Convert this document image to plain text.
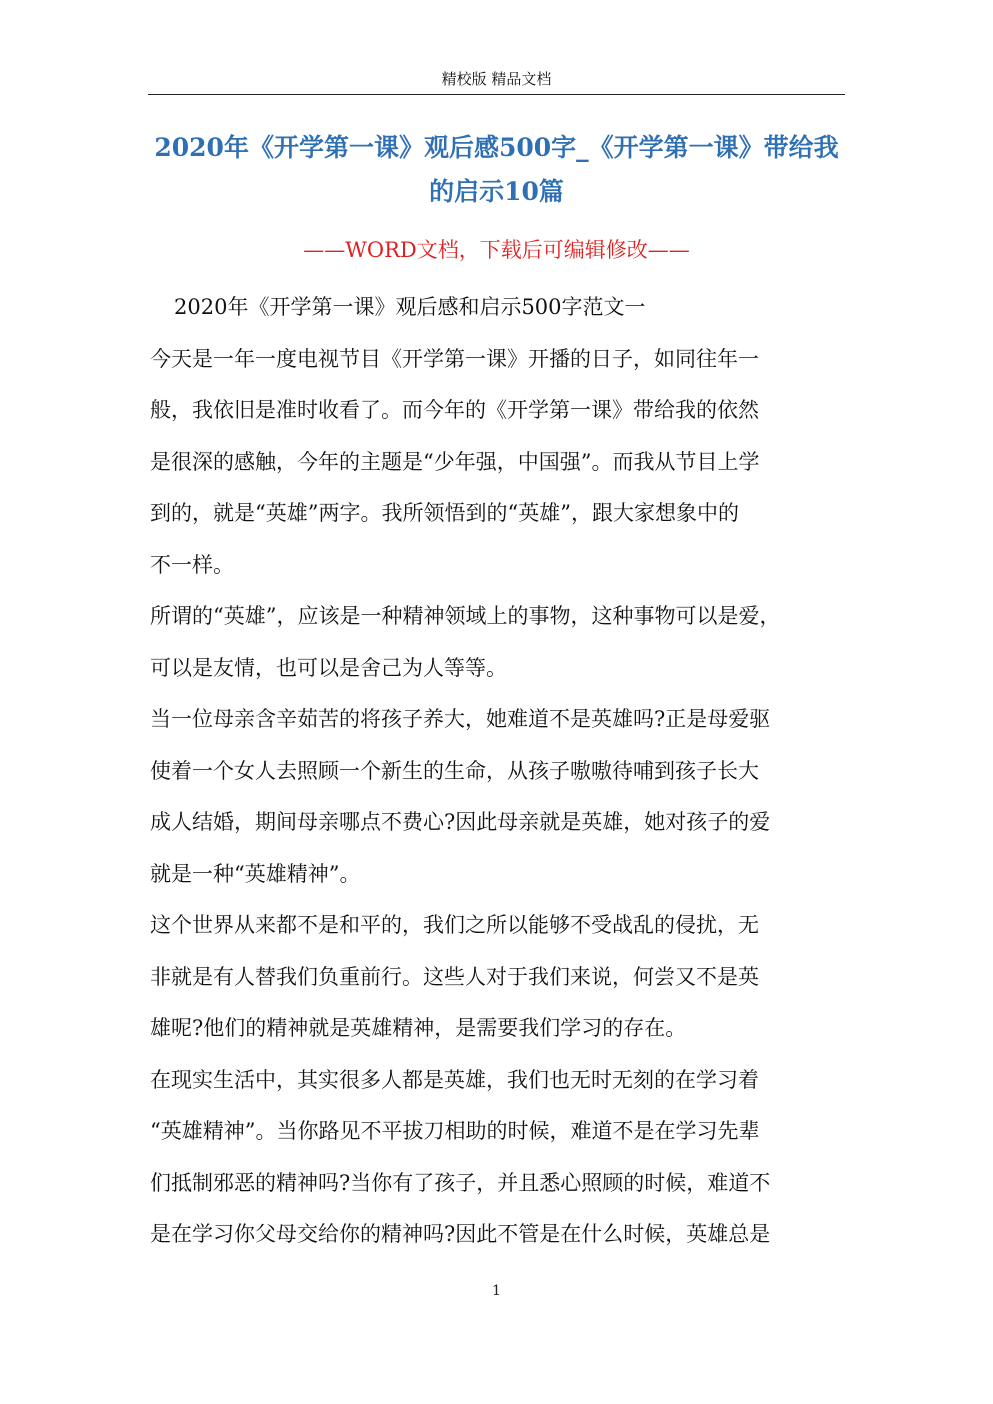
精校版 精品文档
2020年《开学第一课》观后感500字_《开学第一课》带给我
的启示10篇
——WORD文档，下载后可编辑修改——

2020年《开学第一课》观后感和启示500字范文一

今天是一年一度电视节目《开学第一课》开播的日子，如同往年一

般，我依旧是准时收看了。而今年的《开学第一课》带给我的依然

是很深的感触，今年的主题是“少年强，中国强”。而我从节目上学

到的，就是“英雄”两字。我所领悟到的“英雄”，跟大家想象中的

不一样。

所谓的“英雄”，应该是一种精神领域上的事物，这种事物可以是爱，

可以是友情，也可以是舍己为人等等。

当一位母亲含辛茹苦的将孩子养大，她难道不是英雄吗?正是母爱驱

使着一个女人去照顾一个新生的生命，从孩子嗷嗷待哺到孩子长大

成人结婚，期间母亲哪点不费心?因此母亲就是英雄，她对孩子的爱

就是一种“英雄精神”。

这个世界从来都不是和平的，我们之所以能够不受战乱的侵扰，无

非就是有人替我们负重前行。这些人对于我们来说，何尝又不是英

雄呢?他们的精神就是英雄精神，是需要我们学习的存在。

在现实生活中，其实很多人都是英雄，我们也无时无刻的在学习着

“英雄精神”。当你路见不平拔刀相助的时候，难道不是在学习先辈

们抵制邪恶的精神吗?当你有了孩子，并且悉心照顾的时候，难道不

是在学习你父母交给你的精神吗?因此不管是在什么时候，英雄总是

1
